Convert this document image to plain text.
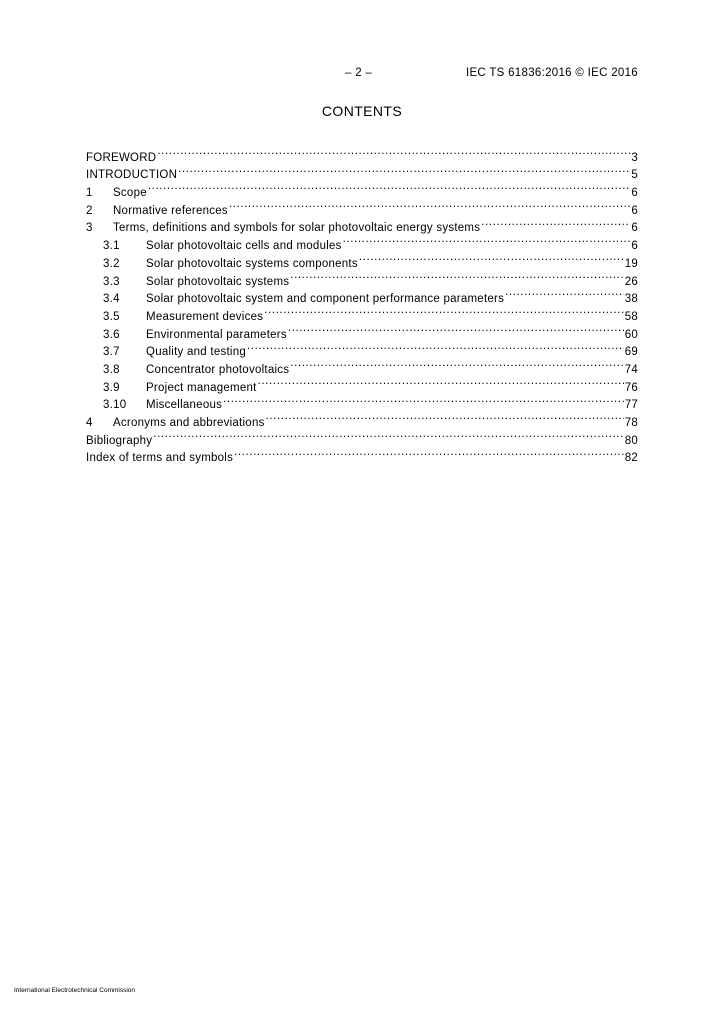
– 2 –	IEC TS 61836:2016 © IEC 2016
CONTENTS
FOREWORD .....	3
INTRODUCTION .....	5
1	Scope .....	6
2	Normative references .....	6
3	Terms, definitions and symbols for solar photovoltaic energy systems .....	6
3.1	Solar photovoltaic cells and modules .....	6
3.2	Solar photovoltaic systems components .....	19
3.3	Solar photovoltaic systems .....	26
3.4	Solar photovoltaic system and component performance parameters .....	38
3.5	Measurement devices .....	58
3.6	Environmental parameters .....	60
3.7	Quality and testing .....	69
3.8	Concentrator photovoltaics .....	74
3.9	Project management .....	76
3.10	Miscellaneous .....	77
4	Acronyms and abbreviations .....	78
Bibliography .....	80
Index of terms and symbols .....	82
International Electrotechnical Commission
